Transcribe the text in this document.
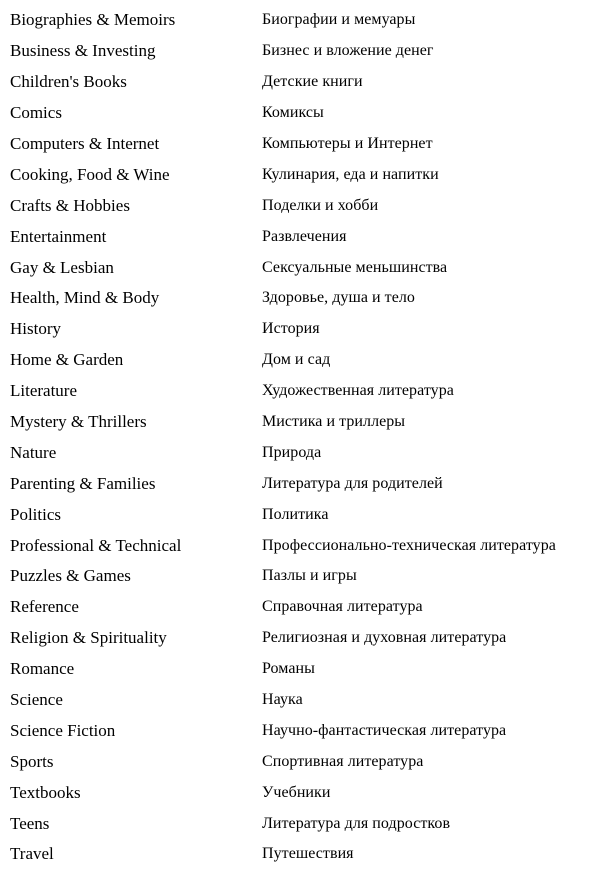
Biographies & Memoirs	Биографии и мемуары
Business & Investing	Бизнес и вложение денег
Children's Books	Детские книги
Comics	Комиксы
Computers & Internet	Компьютеры и Интернет
Cooking, Food & Wine	Кулинария, еда и напитки
Crafts & Hobbies	Поделки и хобби
Entertainment	Развлечения
Gay & Lesbian	Сексуальные меньшинства
Health, Mind & Body	Здоровье, душа и тело
History	История
Home & Garden	Дом и сад
Literature	Художественная литература
Mystery & Thrillers	Мистика и триллеры
Nature	Природа
Parenting & Families	Литература для родителей
Politics	Политика
Professional & Technical	Профессионально-техническая литература
Puzzles & Games	Пазлы и игры
Reference	Справочная литература
Religion & Spirituality	Религиозная и духовная литература
Romance	Романы
Science	Наука
Science Fiction	Научно-фантастическая литература
Sports	Спортивная литература
Textbooks	Учебники
Teens	Литература для подростков
Travel	Путешествия
